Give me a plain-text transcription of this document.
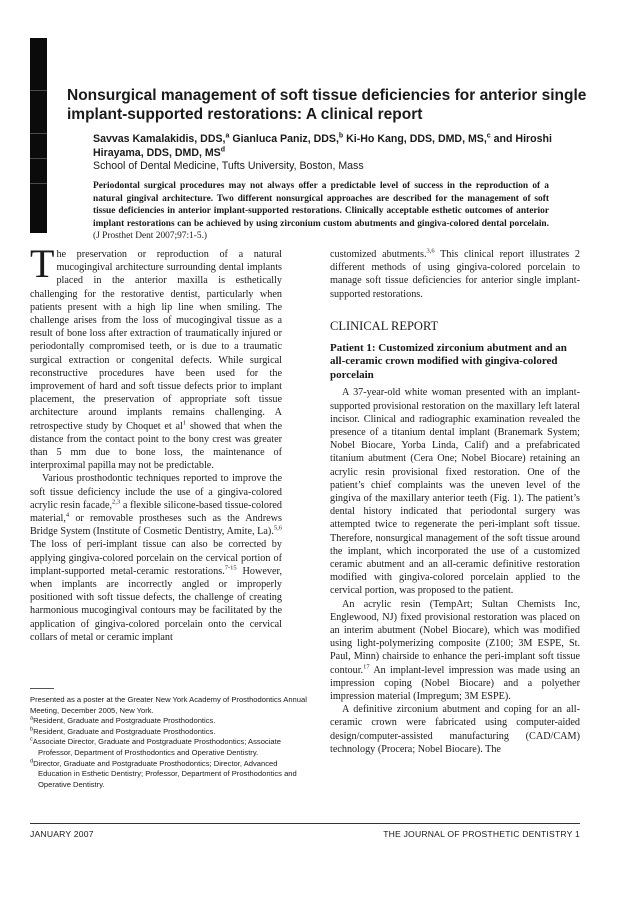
Nonsurgical management of soft tissue deficiencies for anterior single implant-supported restorations: A clinical report

Savvas Kamalakidis, DDS,$^a$ Gianluca Paniz, DDS,$^b$ Ki-Ho Kang, DDS, DMD, MS,$^c$ and Hiroshi Hirayama, DDS, DMD, $MS^d$

School of Dental Medicine, Tufts University, Boston, Mass

Periodontal surgical procedures may not always offer a predictable level of success in the reproduction of a natural gingival architecture. Two different nonsurgical approaches are described for the management of soft tissue deficiencies in anterior implant-supported restorations. Clinically acceptable esthetic outcomes of anterior implant restorations can be achieved by using zirconium custom abutments and gingiva-colored dental porcelain. (J Prosthet Dent 2007;97:1-5.)

The preservation or reproduction of a natural mucogingival architecture surrounding dental implants placed in the anterior maxilla is esthetically challenging for the restorative dentist, particularly when patients present with a high lip line when smiling. The challenge arises from the loss of mucogingival tissue as a result of bone loss after extraction of traumatically injured or periodontally compromised teeth, or is due to a traumatic surgical extraction or congenital defects. While surgical reconstructive procedures have been used for the improvement of hard and soft tissue defects prior to implant placement, the preservation of appropriate soft tissue architecture around implants remains challenging. A retrospective study by Choquet et $al^1$ showed that when the distance from the contact point to the bony crest was greater than 5 mm due to bone loss, the maintenance of interproximal papilla may not be predictable.

Various prosthodontic techniques reported to improve the soft tissue deficiency include the use of a gingiva-colored acrylic resin facade,$^{2,3}$ a flexible silicone-based tissue-colored material,$^4$ or removable prostheses such as the Andrews Bridge System (Institute of Cosmetic Dentistry, Amite, La).$^{5,6}$ The loss of peri-implant tissue can also be corrected by applying gingiva-colored porcelain on the cervical portion of implant-supported metal-ceramic restorations.$^{7-15}$ However, when implants are incorrectly angled or improperly positioned with soft tissue defects, the challenge of creating harmonious mucogingival contours may be facilitated by the application of gingiva-colored porcelain onto the cervical collars of metal or ceramic implant

customized abutments.$^{3,6}$ This clinical report illustrates 2 different methods of using gingiva-colored porcelain to manage soft tissue deficiencies for anterior single implant-supported restorations.

CLINICAL REPORT

Patient 1: Customized zirconium abutment and an all-ceramic crown modified with gingiva-colored porcelain

A 37-year-old white woman presented with an implant-supported provisional restoration on the maxillary left lateral incisor. Clinical and radiographic examination revealed the presence of a titanium dental implant (Branemark System; Nobel Biocare, Yorba Linda, Calif) and a prefabricated titanium abutment (Cera One; Nobel Biocare) retaining an acrylic resin provisional fixed restoration. One of the patient’s chief complaints was the uneven level of the gingiva of the maxillary anterior teeth (Fig. 1). The patient’s dental history indicated that periodontal surgery was attempted twice to regenerate the peri-implant soft tissue. Therefore, nonsurgical management of the soft tissue around the implant, which incorporated the use of a customized ceramic abutment and an all-ceramic definitive restoration modified with gingiva-colored porcelain applied to the cervical portion, was proposed to the patient.

An acrylic resin (TempArt; Sultan Chemists Inc, Englewood, NJ) fixed provisional restoration was placed on an interim abutment (Nobel Biocare), which was modified using light-polymerizing composite (Z100; 3M ESPE, St. Paul, Minn) chairside to enhance the peri-implant soft tissue contour.$^{17}$ An implant-level impression was made using an impression coping (Nobel Biocare) and a polyether impression material (Impregum; 3M ESPE).

A definitive zirconium abutment and coping for an all-ceramic crown were fabricated using computer-aided design/computer-assisted manufacturing (CAD/CAM) technology (Procera; Nobel Biocare). The

Presented as a poster at the Greater New York Academy of Prosthodontics Annual Meeting, December 2005, New York.

$^a$Resident, Graduate and Postgraduate Prosthodontics.

$^b$Resident, Graduate and Postgraduate Prosthodontics.

$^c$Associate Director, Graduate and Postgraduate Prosthodontics; Associate Professor, Department of Prosthodontics and Operative Dentistry.

$^d$Director, Graduate and Postgraduate Prosthodontics; Director, Advanced Education in Esthetic Dentistry; Professor, Department of Prosthodontics and Operative Dentistry.

JANUARY 2007	THE JOURNAL OF PROSTHETIC DENTISTRY 1
